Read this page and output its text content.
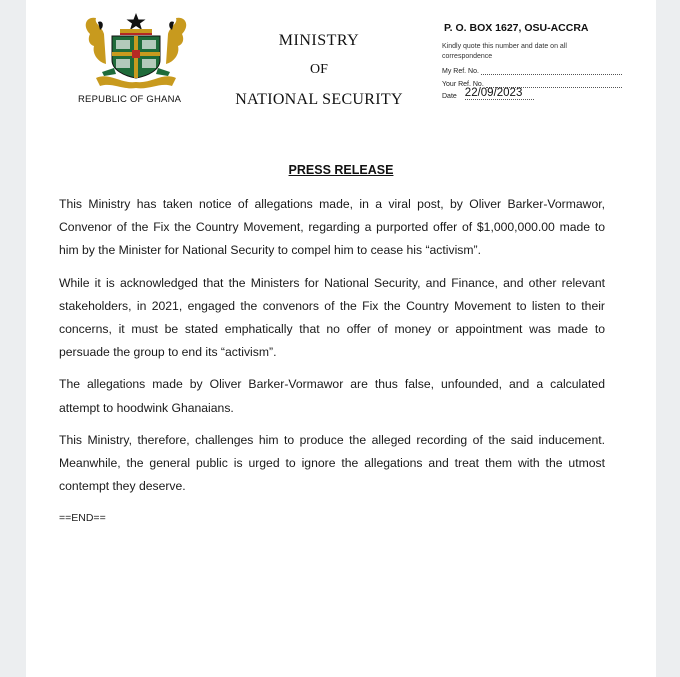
REPUBLIC OF GHANA
MINISTRY
OF
NATIONAL SECURITY
P. O. BOX 1627, OSU-ACCRA
Kindly quote this number and date on all correspondence
My Ref. No.
Your Ref. No.
Date 22/09/2023
PRESS RELEASE

This Ministry has taken notice of allegations made, in a viral post, by Oliver Barker-Vormawor, Convenor of the Fix the Country Movement, regarding a purported offer of $1,000,000.00 made to him by the Minister for National Security to compel him to cease his “activism”.

While it is acknowledged that the Ministers for National Security, and Finance, and other relevant stakeholders, in 2021, engaged the convenors of the Fix the Country Movement to listen to their concerns, it must be stated emphatically that no offer of money or appointment was made to persuade the group to end its “activism”.

The allegations made by Oliver Barker-Vormawor are thus false, unfounded, and a calculated attempt to hoodwink Ghanaians.

This Ministry, therefore, challenges him to produce the alleged recording of the said inducement. Meanwhile, the general public is urged to ignore the allegations and treat them with the utmost contempt they deserve.

==END==
